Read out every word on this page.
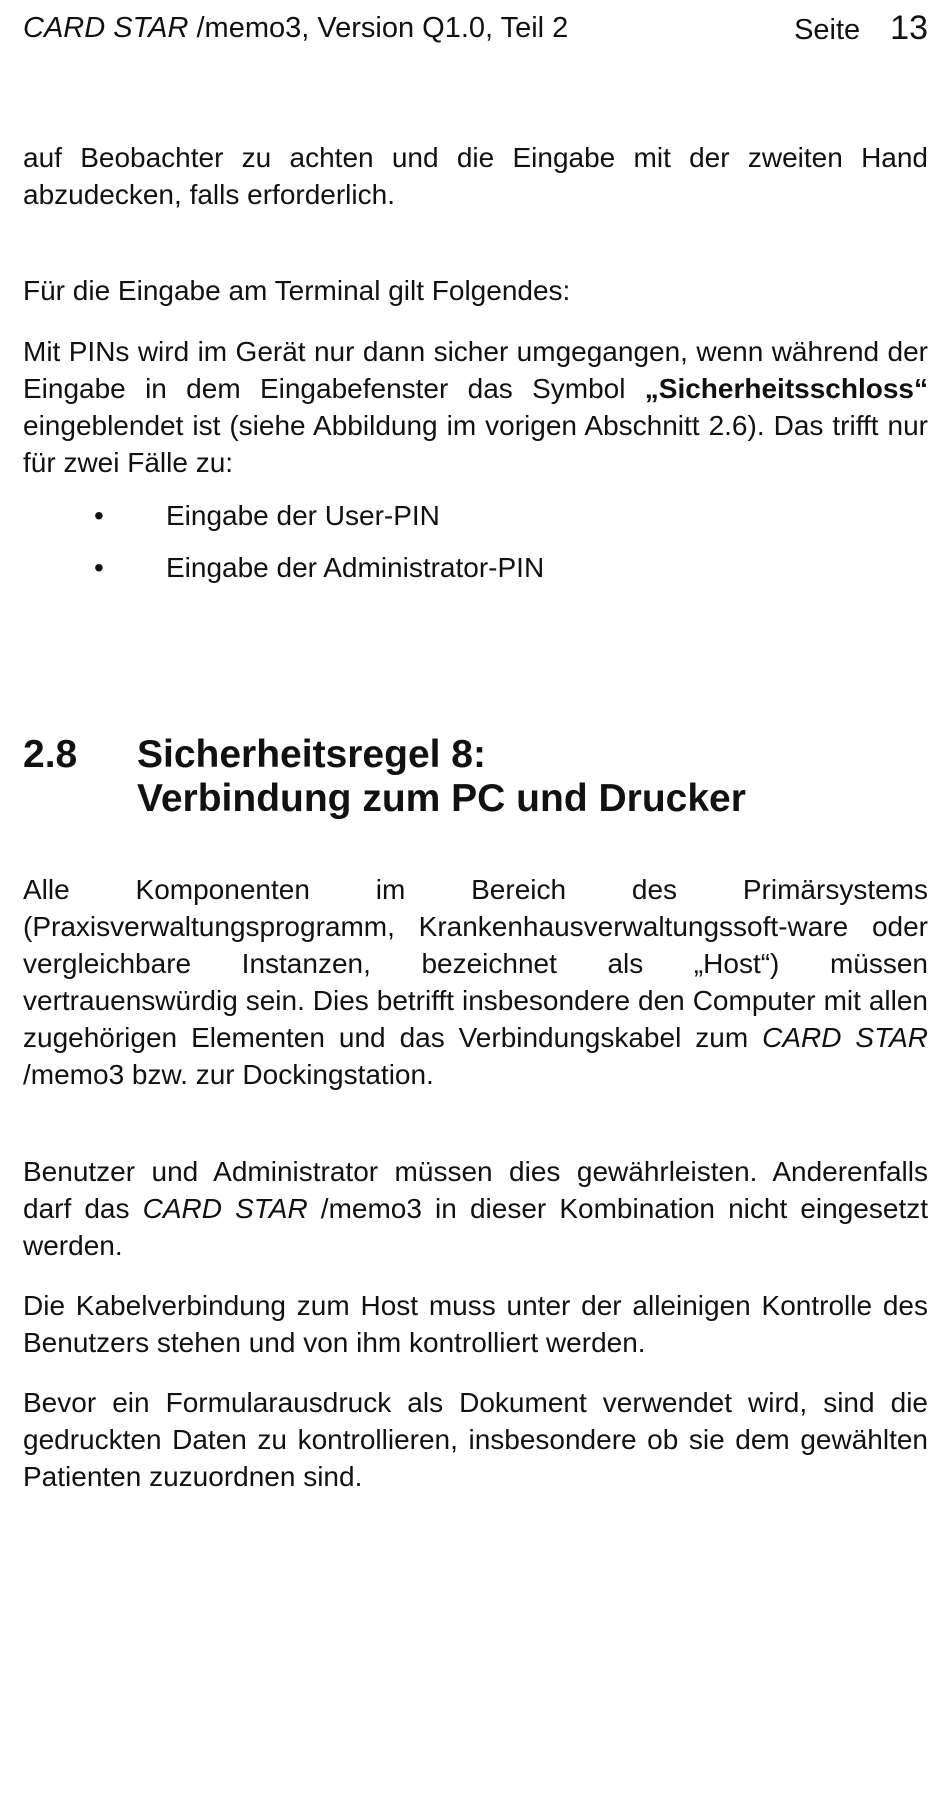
CARD STAR /memo3, Version Q1.0, Teil 2	Seite 13

auf Beobachter zu achten und die Eingabe mit der zweiten Hand abzudecken, falls erforderlich.

Für die Eingabe am Terminal gilt Folgendes:

Mit PINs wird im Gerät nur dann sicher umgegangen, wenn während der Eingabe in dem Eingabefenster das Symbol „Sicherheitsschloss“ eingeblendet ist (siehe Abbildung im vorigen Abschnitt 2.6). Das trifft nur für zwei Fälle zu:

• Eingabe der User-PIN
• Eingabe der Administrator-PIN
2.8 Sicherheitsregel 8:
Verbindung zum PC und Drucker

Alle Komponenten im Bereich des Primärsystems (Praxisverwaltungsprogramm, Krankenhausverwaltungssoft-ware oder vergleichbare Instanzen, bezeichnet als „Host“) müssen vertrauenswürdig sein. Dies betrifft insbesondere den Computer mit allen zugehörigen Elementen und das Verbindungskabel zum CARD STAR /memo3 bzw. zur Dockingstation.

Benutzer und Administrator müssen dies gewährleisten. Anderenfalls darf das CARD STAR /memo3 in dieser Kombination nicht eingesetzt werden.

Die Kabelverbindung zum Host muss unter der alleinigen Kontrolle des Benutzers stehen und von ihm kontrolliert werden.

Bevor ein Formularausdruck als Dokument verwendet wird, sind die gedruckten Daten zu kontrollieren, insbesondere ob sie dem gewählten Patienten zuzuordnen sind.
